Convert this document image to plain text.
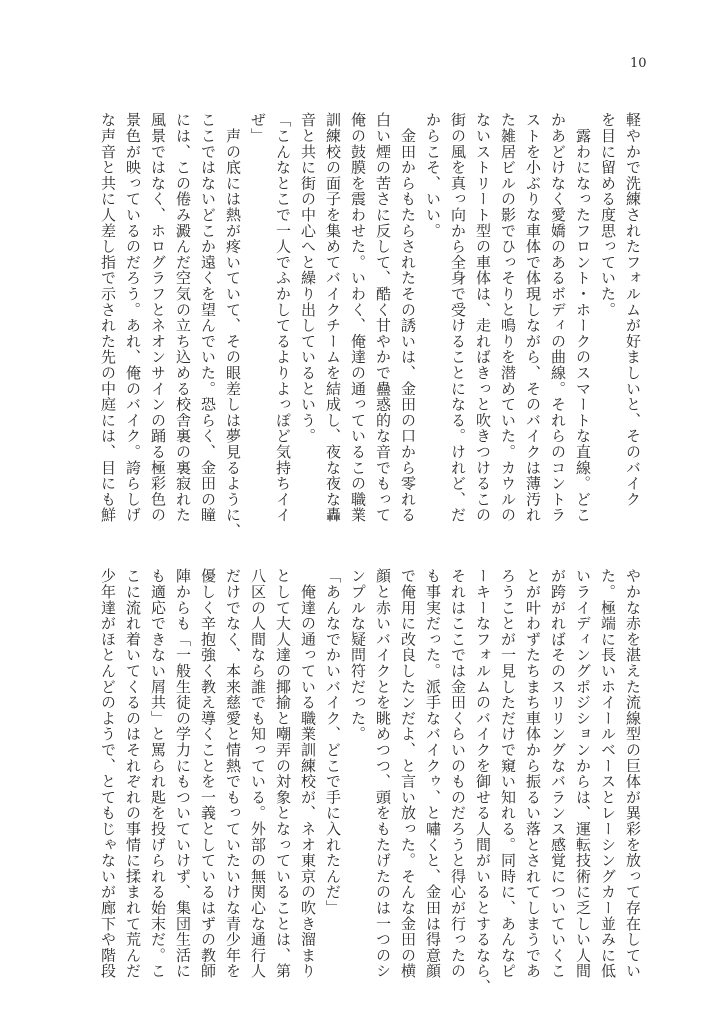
10
軽やかで洗練されたフォルムが好ましいと、そのバイク
を目に留める度思っていた。
　露わになったフロント・ホークのスマートな直線。どこ
かあどけなく愛嬌のあるボディの曲線。それらのコントラ
ストを小ぶりな車体で体現しながら、そのバイクは薄汚れ
た雑居ビルの影でひっそりと鳴りを潜めていた。カウルの
ないストリート型の車体は、走ればきっと吹きつけるこの
街の風を真っ向から全身で受けることになる。けれど、だ
からこそ、いい。
　金田からもたらされたその誘いは、金田の口から零れる
白い煙の苦さに反して、酷く甘やかで蠱惑的な音でもって
俺の鼓膜を震わせた。いわく、俺達の通っているこの職業
訓練校の面子を集めてバイクチームを結成し、夜な夜な轟
音と共に街の中心へと繰り出しているという。
「こんなとこで一人でふかしてるよりよっぽど気持ちイイ
ぜ」
　声の底には熱が疼いていて、その眼差しは夢見るように、
ここではないどこか遠くを望んでいた。恐らく、金田の瞳
には、この倦み澱んだ空気の立ち込める校舎裏の裏寂れた
風景ではなく、ホログラフとネオンサインの踊る極彩色の
景色が映っているのだろう。あれ、俺のバイク。誇らしげ
な声音と共に人差し指で示された先の中庭には、目にも鮮
やかな赤を湛えた流線型の巨体が異彩を放って存在してい
た。極端に長いホイールベースとレーシングカー並みに低
いライディングポジションからは、運転技術に乏しい人間
が跨がればそのスリリングなバランス感覚についていくこ
とが叶わずたちまち車体から振るい落とされてしまうであ
ろうことが一見しただけで窺い知れる。同時に、あんなピ
ーキーなフォルムのバイクを御せる人間がいるとするなら、
それはここでは金田くらいのものだろうと得心が行ったの
も事実だった。派手なバイクゥ、と嘯くと、金田は得意顔
で俺用に改良したンだよ、と言い放った。そんな金田の横
顔と赤いバイクとを眺めつつ、頭をもたげたのは一つのシ
ンプルな疑問符だった。
「あんなでかいバイク、どこで手に入れたんだ」
　俺達の通っている職業訓練校が、ネオ東京の吹き溜まり
として大人達の揶揄と嘲弄の対象となっていることは、第
八区の人間なら誰でも知っている。外部の無関心な通行人
だけでなく、本来慈愛と情熱でもっていたいけな青少年を
優しく辛抱強く教え導くことを一義としているはずの教師
陣からも「一般生徒の学力にもついていけず、集団生活に
も適応できない屑共」と罵られ匙を投げられる始末だ。こ
こに流れ着いてくるのはそれぞれの事情に揉まれて荒んだ
少年達がほとんどのようで、とてもじゃないが廊下や階段
